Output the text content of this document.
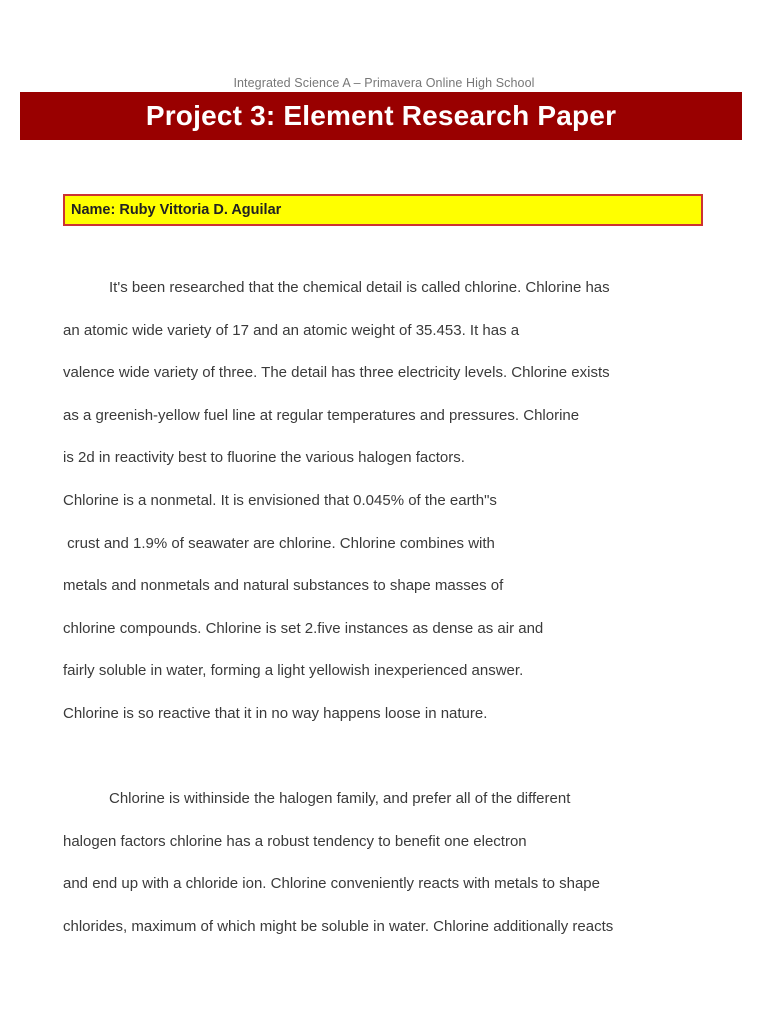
Integrated Science A – Primavera Online High School
Project 3: Element Research Paper
Name: Ruby Vittoria D. Aguilar
It's been researched that the chemical detail is called chlorine. Chlorine has
an atomic wide variety of 17 and an atomic weight of 35.453. It has a
valence wide variety of three. The detail has three electricity levels. Chlorine exists
as a greenish-yellow fuel line at regular temperatures and pressures. Chlorine
is 2d in reactivity best to fluorine the various halogen factors.
Chlorine is a nonmetal. It is envisioned that 0.045% of the earth"s
crust and 1.9% of seawater are chlorine. Chlorine combines with
metals and nonmetals and natural substances to shape masses of
chlorine compounds. Chlorine is set 2.five instances as dense as air and
fairly soluble in water, forming a light yellowish inexperienced answer.
Chlorine is so reactive that it in no way happens loose in nature.
Chlorine is withinside the halogen family, and prefer all of the different
halogen factors chlorine has a robust tendency to benefit one electron
and end up with a chloride ion. Chlorine conveniently reacts with metals to shape
chlorides, maximum of which might be soluble in water. Chlorine additionally reacts
